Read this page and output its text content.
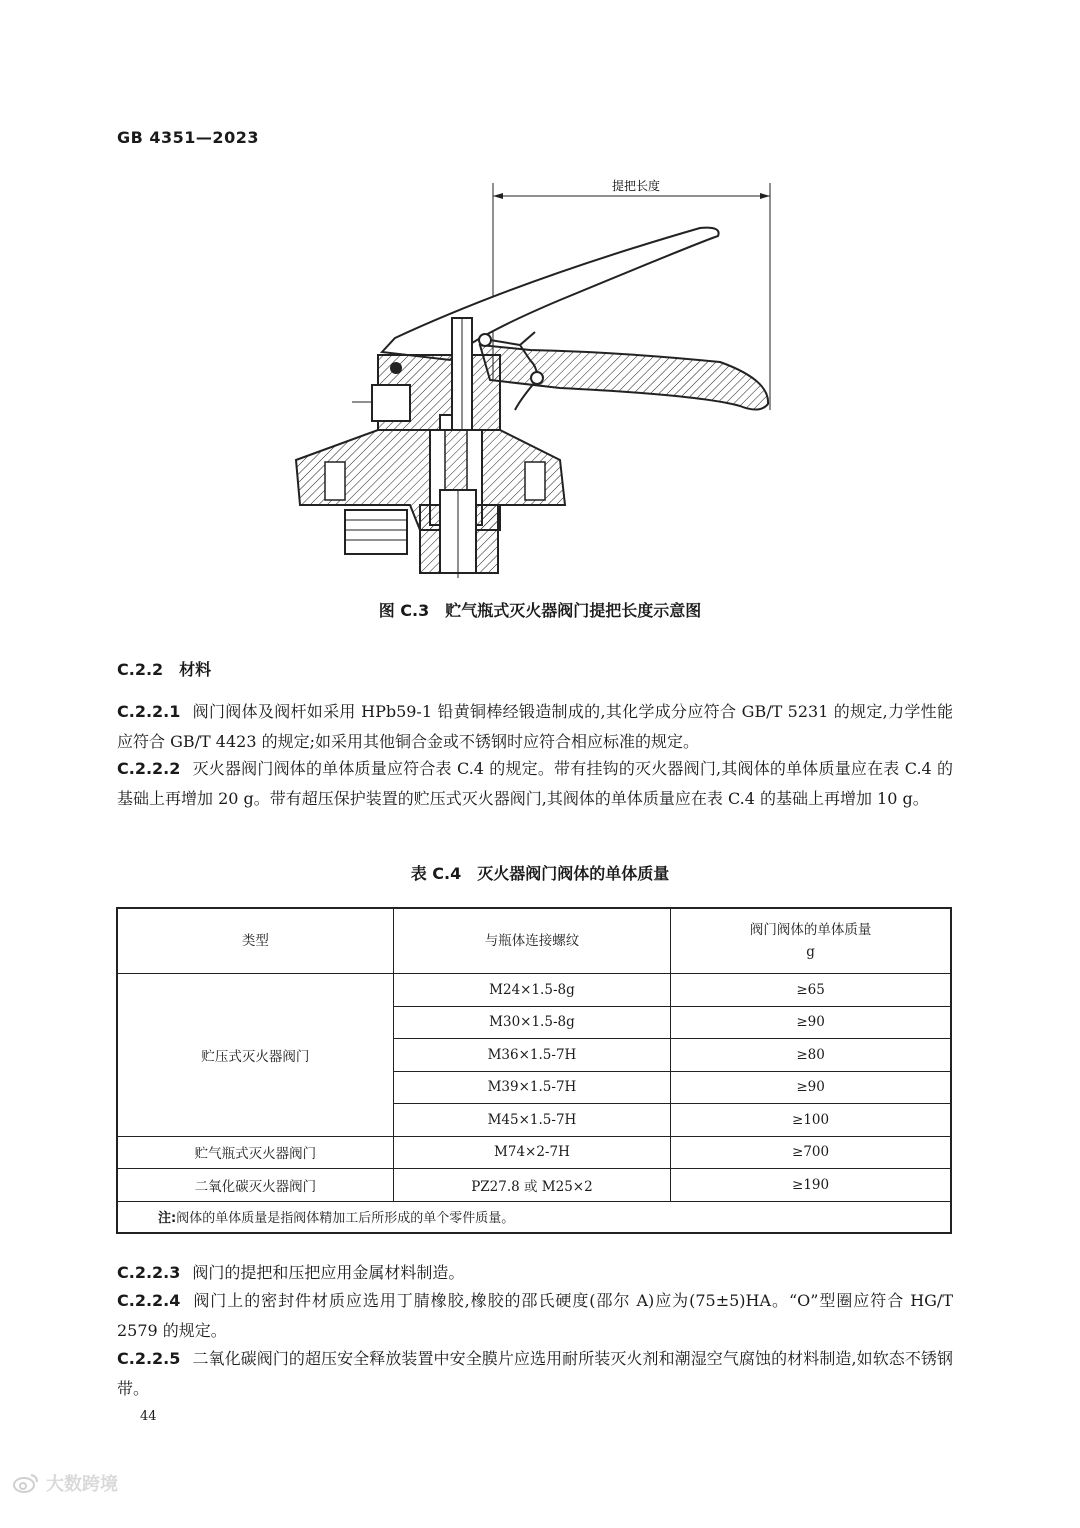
GB 4351—2023
提把长度
图 C.3　贮气瓶式灭火器阀门提把长度示意图
C.2.2　材料
C.2.2.1 阀门阀体及阀杆如采用 HPb59-1 铅黄铜棒经锻造制成的,其化学成分应符合 GB/T 5231 的规定,力学性能应符合 GB/T 4423 的规定;如采用其他铜合金或不锈钢时应符合相应标准的规定。
C.2.2.2 灭火器阀门阀体的单体质量应符合表 C.4 的规定。带有挂钩的灭火器阀门,其阀体的单体质量应在表 C.4 的基础上再增加 20 g。带有超压保护装置的贮压式灭火器阀门,其阀体的单体质量应在表 C.4 的基础上再增加 10 g。
表 C.4　灭火器阀门阀体的单体质量
类型	与瓶体连接螺纹	阀门阀体的单体质量
g

贮压式灭火器阀门	M24×1.5-8g	≥65
	M30×1.5-8g	≥90
	M36×1.5-7H	≥80
	M39×1.5-7H	≥90
	M45×1.5-7H	≥100
贮气瓶式灭火器阀门	M74×2-7H	≥700
二氧化碳灭火器阀门	PZ27.8 或 M25×2	≥190
注:阀体的单体质量是指阀体精加工后所形成的单个零件质量。		
C.2.2.3 阀门的提把和压把应用金属材料制造。
C.2.2.4 阀门上的密封件材质应选用丁腈橡胶,橡胶的邵氏硬度(邵尔 A)应为(75±5)HA。“O”型圈应符合 HG/T 2579 的规定。
C.2.2.5 二氧化碳阀门的超压安全释放装置中安全膜片应选用耐所装灭火剂和潮湿空气腐蚀的材料制造,如软态不锈钢带。
44
大数跨境
